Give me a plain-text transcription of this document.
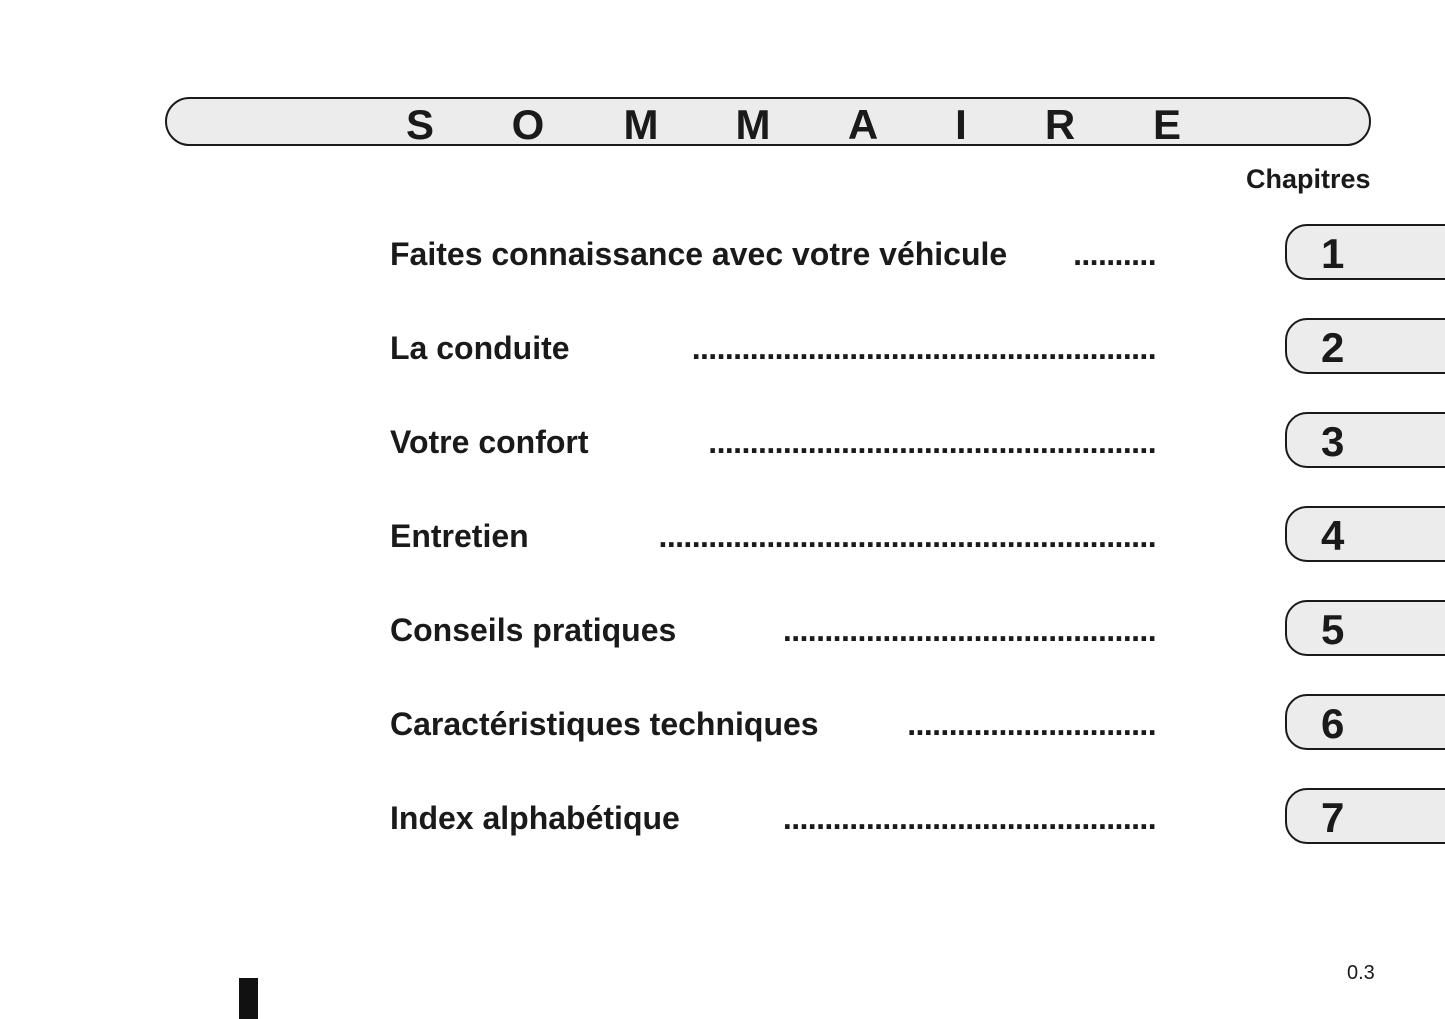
S O M M A I R E
Chapitres
Faites connaissance avec votre véhicule ..........	1
La conduite	........................................................	2
Votre confort	......................................................	3
Entretien	............................................................	4
Conseils pratiques	.............................................	5
Caractéristiques techniques	..............................	6
Index alphabétique	.............................................	7
0.3
